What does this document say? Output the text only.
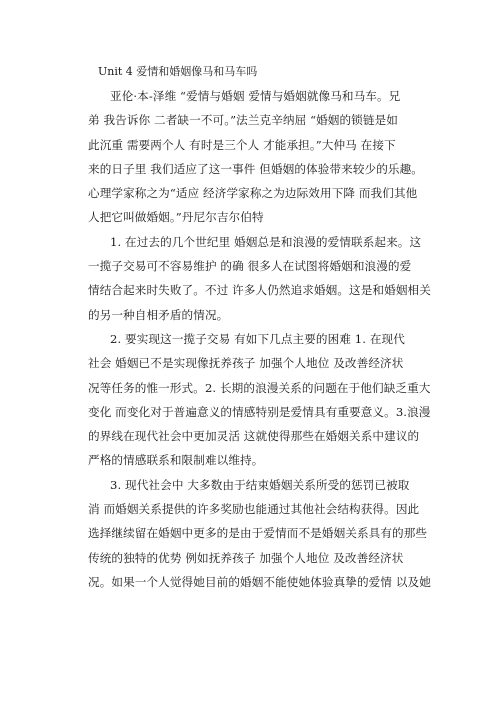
Unit 4 爱情和婚姻像马和马车吗

亚伦·本-泽维 “爱情与婚姻 爱情与婚姻就像马和马车。兄
弟 我告诉你 二者缺一不可。”法兰克辛纳屈 “婚姻的锁链是如
此沉重 需要两个人 有时是三个人 才能承担。”大仲马 在接下
来的日子里 我们适应了这一事件 但婚姻的体验带来较少的乐趣。
心理学家称之为“适应 经济学家称之为边际效用下降 而我们其他
人把它叫做婚姻。”丹尼尔吉尔伯特

1. 在过去的几个世纪里 婚姻总是和浪漫的爱情联系起来。这
一揽子交易可不容易维护 的确 很多人在试图将婚姻和浪漫的爱
情结合起来时失败了。不过 许多人仍然追求婚姻。这是和婚姻相关
的另一种自相矛盾的情况。

2. 要实现这一揽子交易 有如下几点主要的困难 1. 在现代
社会 婚姻已不是实现像抚养孩子 加强个人地位 及改善经济状
况等任务的惟一形式。2. 长期的浪漫关系的问题在于他们缺乏重大
变化 而变化对于普遍意义的情感特别是爱情具有重要意义。3.浪漫
的界线在现代社会中更加灵活 这就使得那些在婚姻关系中建议的
严格的情感联系和限制难以维持。

3. 现代社会中 大多数由于结束婚姻关系所受的惩罚已被取
消 而婚姻关系提供的许多奖励也能通过其他社会结构获得。因此
选择继续留在婚姻中更多的是由于爱情而不是婚姻关系具有的那些
传统的独特的优势 例如抚养孩子 加强个人地位 及改善经济状
况。如果一个人觉得她目前的婚姻不能使她体验真挚的爱情 以及她
